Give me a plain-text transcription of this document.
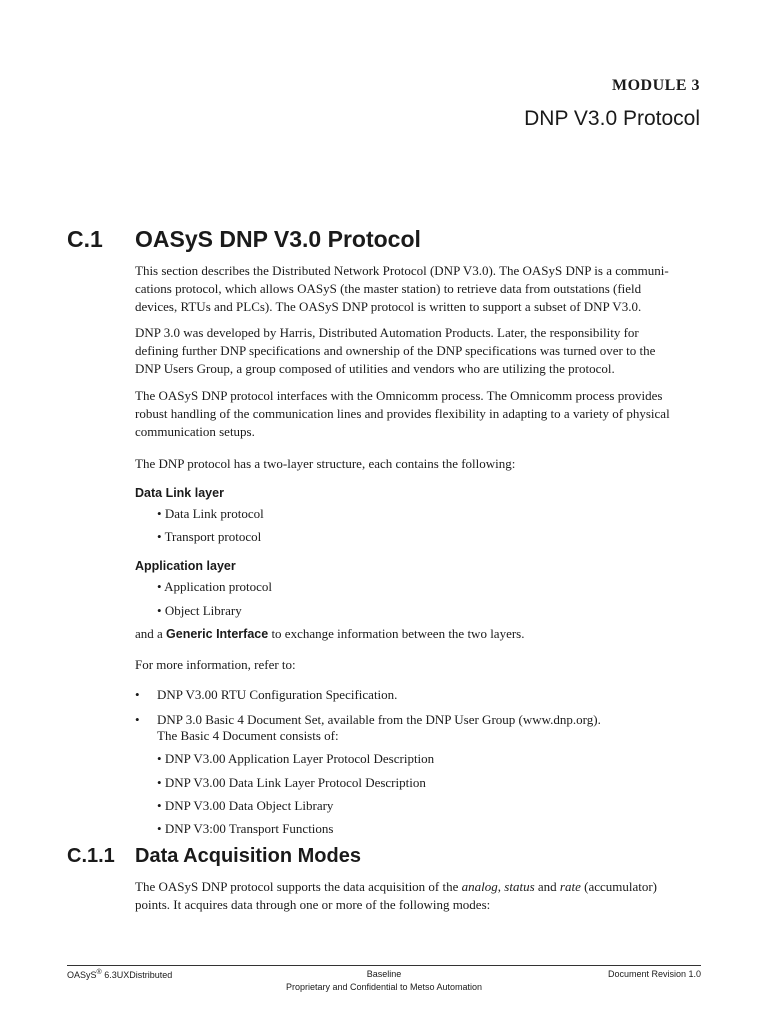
MODULE 3
DNP V3.0 Protocol
C.1 OASyS DNP V3.0 Protocol
This section describes the Distributed Network Protocol (DNP V3.0). The OASyS DNP is a communi-
cations protocol, which allows OASyS (the master station) to retrieve data from outstations (field
devices, RTUs and PLCs). The OASyS DNP protocol is written to support a subset of DNP V3.0.
DNP 3.0 was developed by Harris, Distributed Automation Products. Later, the responsibility for
defining further DNP specifications and ownership of the DNP specifications was turned over to the
DNP Users Group, a group composed of utilities and vendors who are utilizing the protocol.
The OASyS DNP protocol interfaces with the Omnicomm process. The Omnicomm process provides
robust handling of the communication lines and provides flexibility in adapting to a variety of physical
communication setups.
The DNP protocol has a two-layer structure, each contains the following:
Data Link layer
• Data Link protocol
• Transport protocol
Application layer
• Application protocol
• Object Library
and a Generic Interface to exchange information between the two layers.
For more information, refer to:
• DNP V3.00 RTU Configuration Specification.
• DNP 3.0 Basic 4 Document Set, available from the DNP User Group (www.dnp.org).
The Basic 4 Document consists of:
• DNP V3.00 Application Layer Protocol Description
• DNP V3.00 Data Link Layer Protocol Description
• DNP V3.00 Data Object Library
• DNP V3:00 Transport Functions
C.1.1 Data Acquisition Modes
The OASyS DNP protocol supports the data acquisition of the analog, status and rate (accumulator)
points. It acquires data through one or more of the following modes:
OASyS® 6.3UXDistributed	Baseline	Document Revision 1.0
Proprietary and Confidential to Metso Automation
